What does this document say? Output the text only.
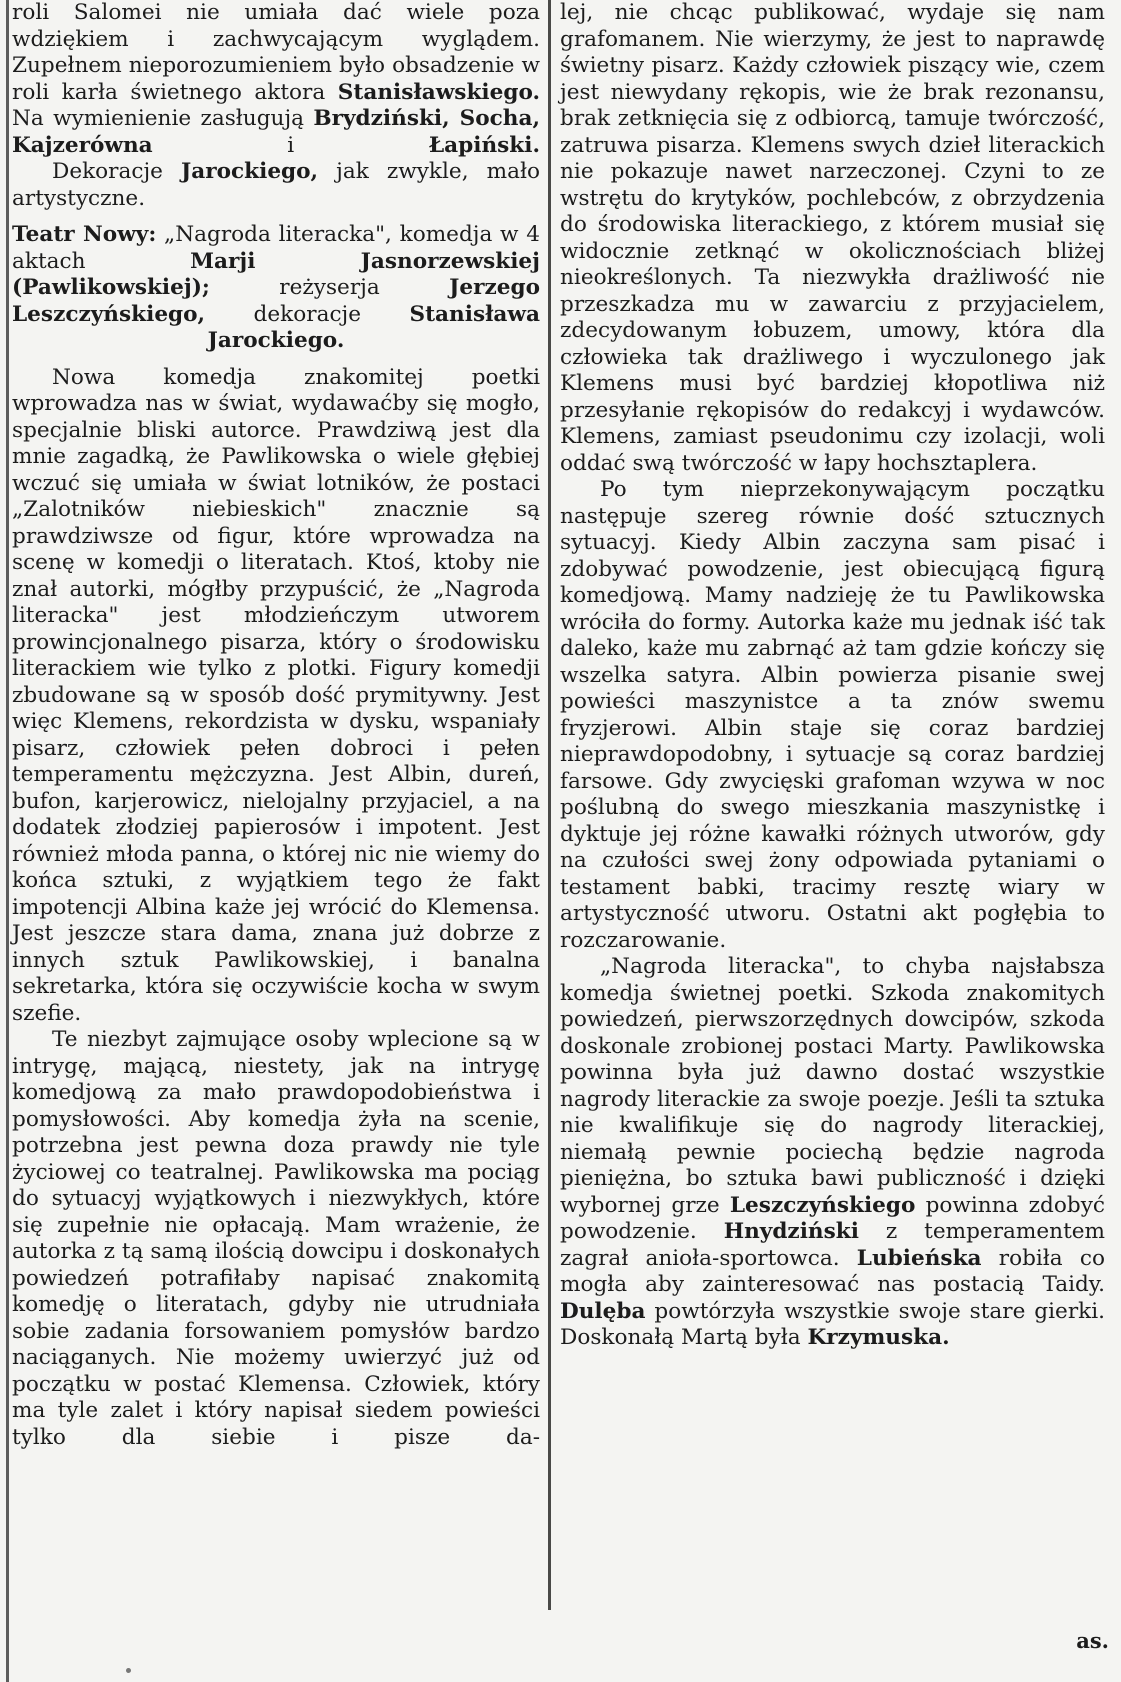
roli Salomei nie umiała dać wiele poza wdziękiem i zachwycającym wyglądem. Zupełnem nieporozumieniem było obsadzenie w roli karła świetnego aktora Stanisławskiego. Na wymienienie zasługują Brydziński, Socha, Kajzerówna i Łapiński.

Dekoracje Jarockiego, jak zwykle, mało artystyczne.

Teatr Nowy: „Nagroda literacka", komedja w 4 aktach Marji Jasnorzewskiej (Pawlikowskiej); reżyserja Jerzego Leszczyńskiego, dekoracje Stanisława Jarockiego.

Nowa komedja znakomitej poetki wprowadza nas w świat, wydawaćby się mogło, specjalnie bliski autorce. Prawdziwą jest dla mnie zagadką, że Pawlikowska o wiele głębiej wczuć się umiała w świat lotników, że postaci „Zalotników niebieskich" znacznie są prawdziwsze od figur, które wprowadza na scenę w komedji o literatach. Ktoś, ktoby nie znał autorki, mógłby przypuścić, że „Nagroda literacka" jest młodzieńczym utworem prowincjonalnego pisarza, który o środowisku literackiem wie tylko z plotki. Figury komedji zbudowane są w sposób dość prymitywny. Jest więc Klemens, rekordzista w dysku, wspaniały pisarz, człowiek pełen dobroci i pełen temperamentu mężczyzna. Jest Albin, dureń, bufon, karjerowicz, nielojalny przyjaciel, a na dodatek złodziej papierosów i impotent. Jest również młoda panna, o której nic nie wiemy do końca sztuki, z wyjątkiem tego że fakt impotencji Albina każe jej wrócić do Klemensa. Jest jeszcze stara dama, znana już dobrze z innych sztuk Pawlikowskiej, i banalna sekretarka, która się oczywiście kocha w swym szefie.

Te niezbyt zajmujące osoby wplecione są w intrygę, mającą, niestety, jak na intrygę komedjową za mało prawdopodobieństwa i pomysłowości. Aby komedja żyła na scenie, potrzebna jest pewna doza prawdy nie tyle życiowej co teatralnej. Pawlikowska ma pociąg do sytuacyj wyjątkowych i niezwykłych, które się zupełnie nie opłacają. Mam wrażenie, że autorka z tą samą ilością dowcipu i doskonałych powiedzeń potrafiłaby napisać znakomitą komedję o literatach, gdyby nie utrudniała sobie zadania forsowaniem pomysłów bardzo naciąganych. Nie możemy uwierzyć już od początku w postać Klemensa. Człowiek, który ma tyle zalet i który napisał siedem powieści tylko dla siebie i pisze da-

lej, nie chcąc publikować, wydaje się nam grafomanem. Nie wierzymy, że jest to naprawdę świetny pisarz. Każdy człowiek piszący wie, czem jest niewydany rękopis, wie że brak rezonansu, brak zetknięcia się z odbiorcą, tamuje twórczość, zatruwa pisarza. Klemens swych dzieł literackich nie pokazuje nawet narzeczonej. Czyni to ze wstrętu do krytyków, pochlebców, z obrzydzenia do środowiska literackiego, z którem musiał się widocznie zetknąć w okolicznościach bliżej nieokreślonych. Ta niezwykła drażliwość nie przeszkadza mu w zawarciu z przyjacielem, zdecydowanym łobuzem, umowy, która dla człowieka tak drażliwego i wyczulonego jak Klemens musi być bardziej kłopotliwa niż przesyłanie rękopisów do redakcyj i wydawców. Klemens, zamiast pseudonimu czy izolacji, woli oddać swą twórczość w łapy hochsztaplera.

Po tym nieprzekonywającym początku następuje szereg równie dość sztucznych sytuacyj. Kiedy Albin zaczyna sam pisać i zdobywać powodzenie, jest obiecującą figurą komedjową. Mamy nadzieję że tu Pawlikowska wróciła do formy. Autorka każe mu jednak iść tak daleko, każe mu zabrnąć aż tam gdzie kończy się wszelka satyra. Albin powierza pisanie swej powieści maszynistce a ta znów swemu fryzjerowi. Albin staje się coraz bardziej nieprawdopodobny, i sytuacje są coraz bardziej farsowe. Gdy zwycięski grafoman wzywa w noc poślubną do swego mieszkania maszynistkę i dyktuje jej różne kawałki różnych utworów, gdy na czułości swej żony odpowiada pytaniami o testament babki, tracimy resztę wiary w artystyczność utworu. Ostatni akt pogłębia to rozczarowanie.

„Nagroda literacka", to chyba najsłabsza komedja świetnej poetki. Szkoda znakomitych powiedzeń, pierwszorzędnych dowcipów, szkoda doskonale zrobionej postaci Marty. Pawlikowska powinna była już dawno dostać wszystkie nagrody literackie za swoje poezje. Jeśli ta sztuka nie kwalifikuje się do nagrody literackiej, niemałą pewnie pociechą będzie nagroda pieniężna, bo sztuka bawi publiczność i dzięki wybornej grze Leszczyńskiego powinna zdobyć powodzenie. Hnydziński z temperamentem zagrał anioła-sportowca. Lubieńska robiła co mogła aby zainteresować nas postacią Taidy. Dulęba powtórzyła wszystkie swoje stare gierki. Doskonałą Martą była Krzymuska.

as.
